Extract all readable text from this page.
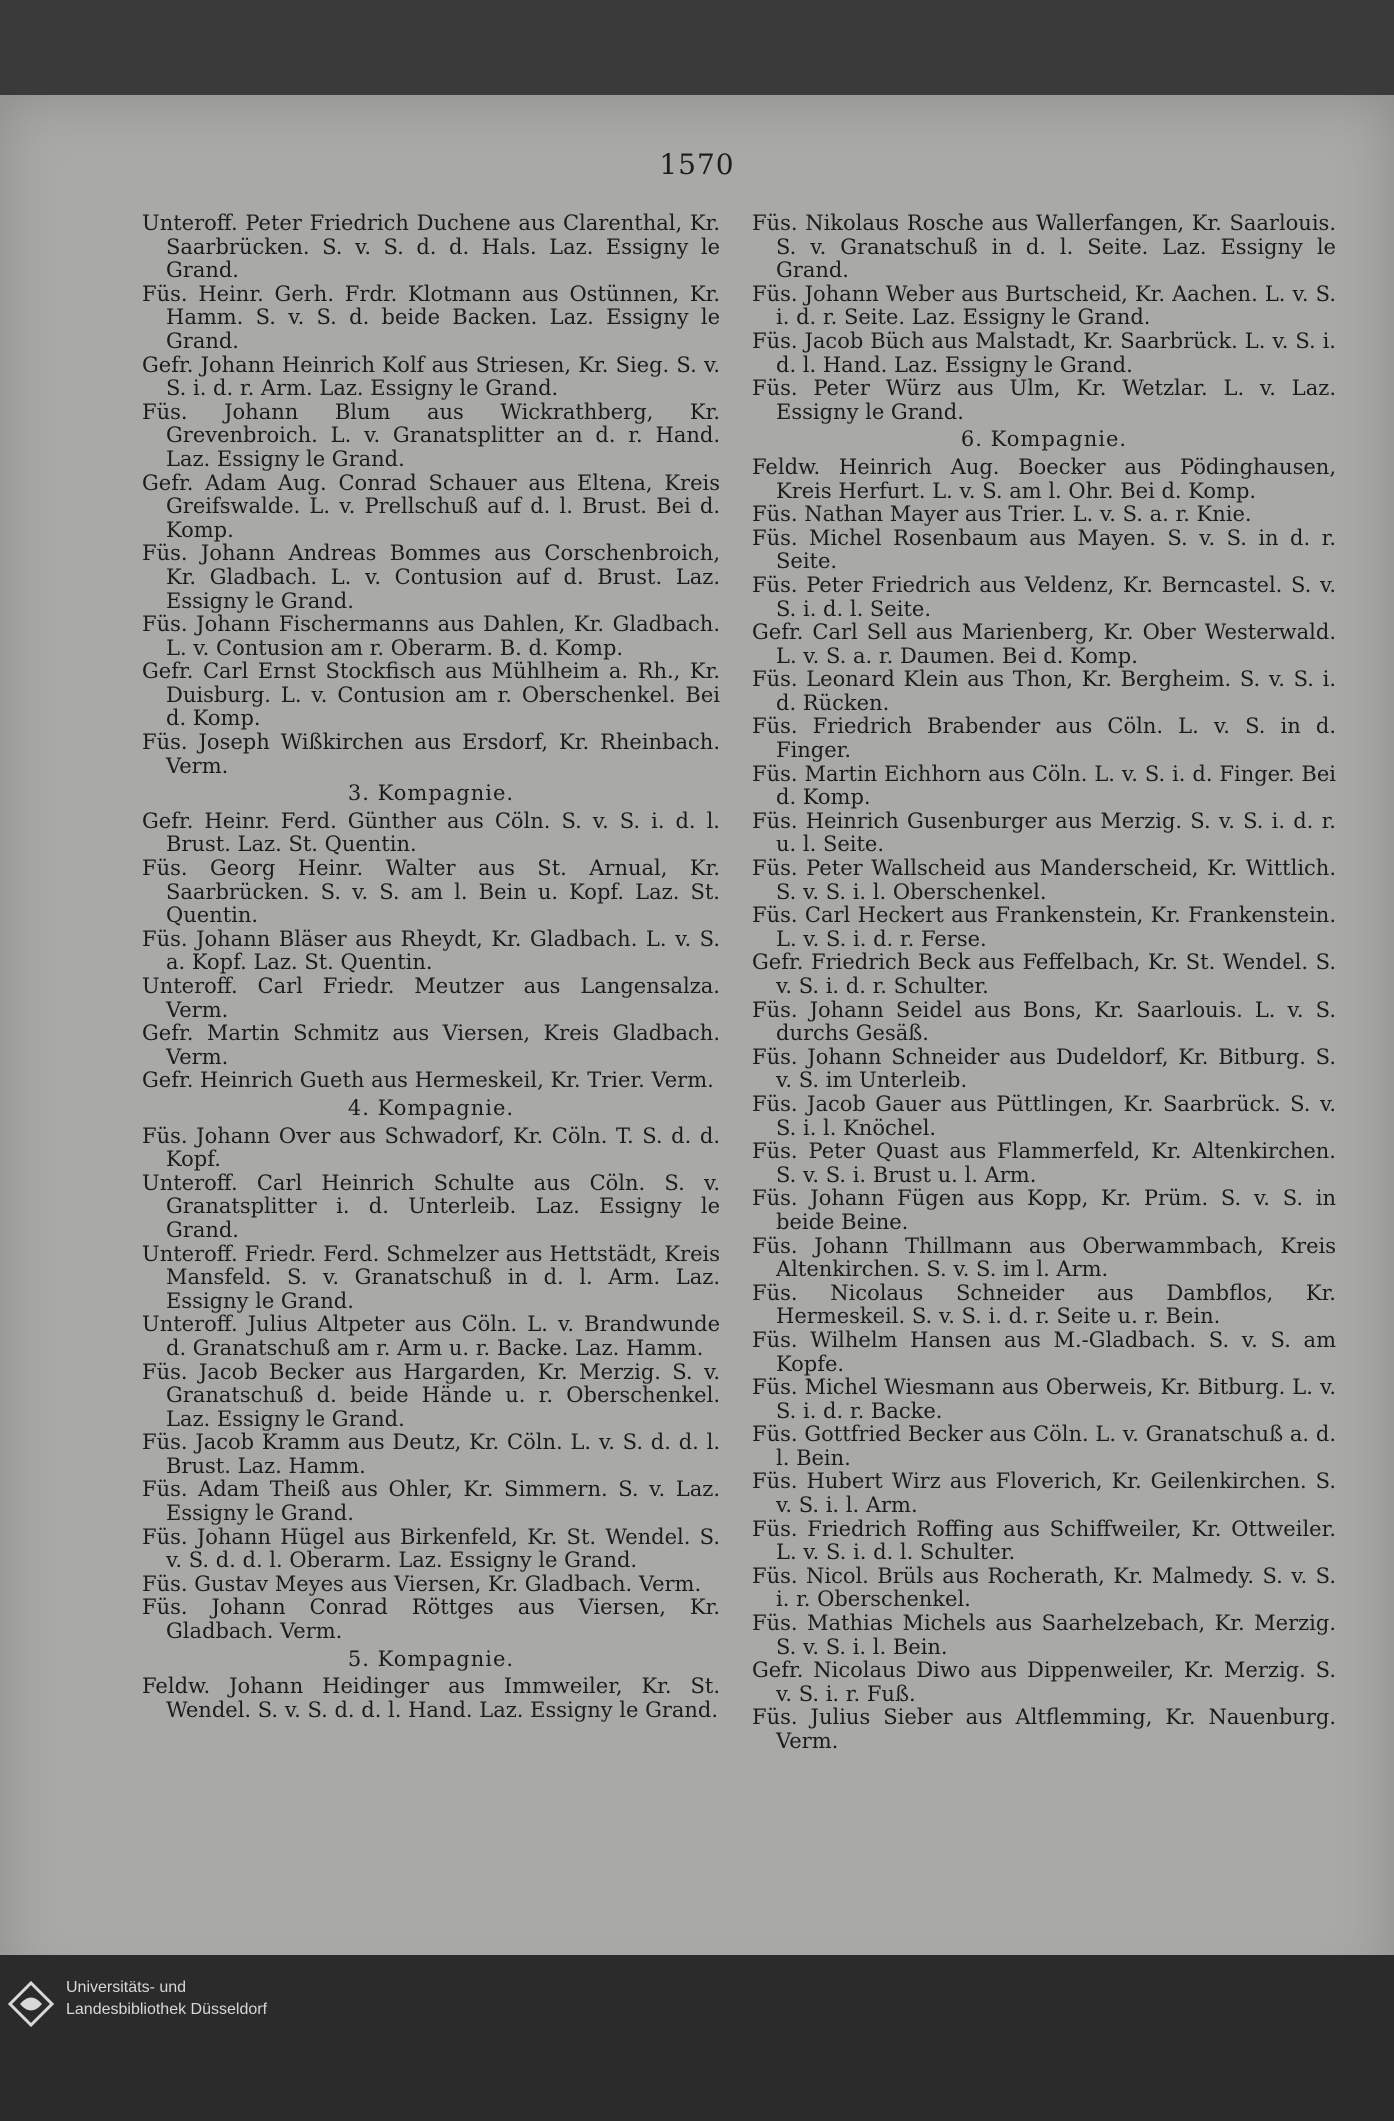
1570

Unteroff. Peter Friedrich Duchene aus Clarenthal, Kr. Saarbrücken. S. v. S. d. d. Hals. Laz. Essigny le Grand.

Füs. Heinr. Gerh. Frdr. Klotmann aus Ostünnen, Kr. Hamm. S. v. S. d. beide Backen. Laz. Essigny le Grand.

Gefr. Johann Heinrich Kolf aus Striesen, Kr. Sieg. S. v. S. i. d. r. Arm. Laz. Essigny le Grand.

Füs. Johann Blum aus Wickrathberg, Kr. Grevenbroich. L. v. Granatsplitter an d. r. Hand. Laz. Essigny le Grand.

Gefr. Adam Aug. Conrad Schauer aus Eltena, Kreis Greifswalde. L. v. Prellschuß auf d. l. Brust. Bei d. Komp.

Füs. Johann Andreas Bommes aus Corschenbroich, Kr. Gladbach. L. v. Contusion auf d. Brust. Laz. Essigny le Grand.

Füs. Johann Fischermanns aus Dahlen, Kr. Gladbach. L. v. Contusion am r. Oberarm. B. d. Komp.

Gefr. Carl Ernst Stockfisch aus Mühlheim a. Rh., Kr. Duisburg. L. v. Contusion am r. Oberschenkel. Bei d. Komp.

Füs. Joseph Wißkirchen aus Ersdorf, Kr. Rheinbach. Verm.

3. Kompagnie.

Gefr. Heinr. Ferd. Günther aus Cöln. S. v. S. i. d. l. Brust. Laz. St. Quentin.

Füs. Georg Heinr. Walter aus St. Arnual, Kr. Saarbrücken. S. v. S. am l. Bein u. Kopf. Laz. St. Quentin.

Füs. Johann Bläser aus Rheydt, Kr. Gladbach. L. v. S. a. Kopf. Laz. St. Quentin.

Unteroff. Carl Friedr. Meutzer aus Langensalza. Verm.

Gefr. Martin Schmitz aus Viersen, Kreis Gladbach. Verm.

Gefr. Heinrich Gueth aus Hermeskeil, Kr. Trier. Verm.

4. Kompagnie.

Füs. Johann Over aus Schwadorf, Kr. Cöln. T. S. d. d. Kopf.

Unteroff. Carl Heinrich Schulte aus Cöln. S. v. Granatsplitter i. d. Unterleib. Laz. Essigny le Grand.

Unteroff. Friedr. Ferd. Schmelzer aus Hettstädt, Kreis Mansfeld. S. v. Granatschuß in d. l. Arm. Laz. Essigny le Grand.

Unteroff. Julius Altpeter aus Cöln. L. v. Brandwunde d. Granatschuß am r. Arm u. r. Backe. Laz. Hamm.

Füs. Jacob Becker aus Hargarden, Kr. Merzig. S. v. Granatschuß d. beide Hände u. r. Oberschenkel. Laz. Essigny le Grand.

Füs. Jacob Kramm aus Deutz, Kr. Cöln. L. v. S. d. d. l. Brust. Laz. Hamm.

Füs. Adam Theiß aus Ohler, Kr. Simmern. S. v. Laz. Essigny le Grand.

Füs. Johann Hügel aus Birkenfeld, Kr. St. Wendel. S. v. S. d. d. l. Oberarm. Laz. Essigny le Grand.

Füs. Gustav Meyes aus Viersen, Kr. Gladbach. Verm.

Füs. Johann Conrad Röttges aus Viersen, Kr. Gladbach. Verm.

5. Kompagnie.

Feldw. Johann Heidinger aus Immweiler, Kr. St. Wendel. S. v. S. d. d. l. Hand. Laz. Essigny le Grand.

Füs. Nikolaus Rosche aus Wallerfangen, Kr. Saarlouis. S. v. Granatschuß in d. l. Seite. Laz. Essigny le Grand.

Füs. Johann Weber aus Burtscheid, Kr. Aachen. L. v. S. i. d. r. Seite. Laz. Essigny le Grand.

Füs. Jacob Büch aus Malstadt, Kr. Saarbrück. L. v. S. i. d. l. Hand. Laz. Essigny le Grand.

Füs. Peter Würz aus Ulm, Kr. Wetzlar. L. v. Laz. Essigny le Grand.

6. Kompagnie.

Feldw. Heinrich Aug. Boecker aus Pödinghausen, Kreis Herfurt. L. v. S. am l. Ohr. Bei d. Komp.

Füs. Nathan Mayer aus Trier. L. v. S. a. r. Knie.

Füs. Michel Rosenbaum aus Mayen. S. v. S. in d. r. Seite.

Füs. Peter Friedrich aus Veldenz, Kr. Berncastel. S. v. S. i. d. l. Seite.

Gefr. Carl Sell aus Marienberg, Kr. Ober Westerwald. L. v. S. a. r. Daumen. Bei d. Komp.

Füs. Leonard Klein aus Thon, Kr. Bergheim. S. v. S. i. d. Rücken.

Füs. Friedrich Brabender aus Cöln. L. v. S. in d. Finger.

Füs. Martin Eichhorn aus Cöln. L. v. S. i. d. Finger. Bei d. Komp.

Füs. Heinrich Gusenburger aus Merzig. S. v. S. i. d. r. u. l. Seite.

Füs. Peter Wallscheid aus Manderscheid, Kr. Wittlich. S. v. S. i. l. Oberschenkel.

Füs. Carl Heckert aus Frankenstein, Kr. Frankenstein. L. v. S. i. d. r. Ferse.

Gefr. Friedrich Beck aus Feffelbach, Kr. St. Wendel. S. v. S. i. d. r. Schulter.

Füs. Johann Seidel aus Bons, Kr. Saarlouis. L. v. S. durchs Gesäß.

Füs. Johann Schneider aus Dudeldorf, Kr. Bitburg. S. v. S. im Unterleib.

Füs. Jacob Gauer aus Püttlingen, Kr. Saarbrück. S. v. S. i. l. Knöchel.

Füs. Peter Quast aus Flammerfeld, Kr. Altenkirchen. S. v. S. i. Brust u. l. Arm.

Füs. Johann Fügen aus Kopp, Kr. Prüm. S. v. S. in beide Beine.

Füs. Johann Thillmann aus Oberwammbach, Kreis Altenkirchen. S. v. S. im l. Arm.

Füs. Nicolaus Schneider aus Dambflos, Kr. Hermeskeil. S. v. S. i. d. r. Seite u. r. Bein.

Füs. Wilhelm Hansen aus M.-Gladbach. S. v. S. am Kopfe.

Füs. Michel Wiesmann aus Oberweis, Kr. Bitburg. L. v. S. i. d. r. Backe.

Füs. Gottfried Becker aus Cöln. L. v. Granatschuß a. d. l. Bein.

Füs. Hubert Wirz aus Floverich, Kr. Geilenkirchen. S. v. S. i. l. Arm.

Füs. Friedrich Roffing aus Schiffweiler, Kr. Ottweiler. L. v. S. i. d. l. Schulter.

Füs. Nicol. Brüls aus Rocherath, Kr. Malmedy. S. v. S. i. r. Oberschenkel.

Füs. Mathias Michels aus Saarhelzebach, Kr. Merzig. S. v. S. i. l. Bein.

Gefr. Nicolaus Diwo aus Dippenweiler, Kr. Merzig. S. v. S. i. r. Fuß.

Füs. Julius Sieber aus Altflemming, Kr. Nauenburg. Verm.

Universitäts- und
Landesbibliothek Düsseldorf
